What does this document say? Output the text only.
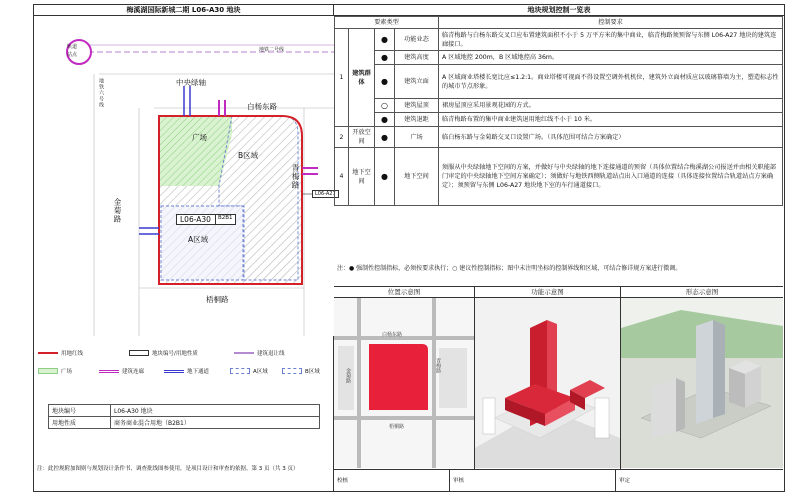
梅溪湖国际新城二期 L06-A30 地块
轨道
站点
地铁二号线
中央绿轴
地铁六号线	白杨东路
青梅路
金菊路
梧桐路
广场
B区域
A区域
L06-A30	B2B1
L06-A27
用地红线	地块编号/用地性质	建筑退让线
广场	建筑连廊	地下通道	A区域	B区域
地块编号	L06-A30 地块
用地性质	商务商业混合用地（B2B1）
注：此控规附加图则与规划设计条件书、调查批线图参使用，是项目设计和审查的依据。第 3 页（共 3 页）
地块规划控制一览表
要素类型				控制要求
1	建筑群体	●	功能业态	临青梅路与白杨东路交叉口应布置建筑面积不小于 5 万平方米的集中商业，临青梅路须预留与东侧 L06-A27 地块的建筑连廊接口。
		●	建筑高度	A 区域地控 200m，B 区域地控高 36m。
		●	建筑立面	A 区域商业塔楼长宽比应≤1.2:1。商业塔楼可视面不得设置空调外机机位，建筑外立面材质应以玻璃幕墙为主，塑造标志性的城市节点形象。
		○	建筑屋顶	裙房屋顶应采用景观花园的方式。
		●	建筑退距	临青梅路布置的集中商业建筑退用地红线不小于 10 米。
2	开放空间	●	广场	临白杨东路与金菊路交叉口设置广场。（具体范围可结合方案确定）
4	地下空间	●	地下空间	须服从中央绿轴地下空间的方案，并做好与中央绿轴的地下连接通道的预留（具体位置结合梅溪湖公司报送并由相关职能部门审定的中央绿轴地下空间方案确定）；须做好与地铁西侧轨道站点出入口通道的连接（具体连接位置结合轨道站点方案确定）；须预留与东侧 L06-A27 地块地下室的车行通道接口。
注：● 强制性控制指标，必须按要求执行；○ 建议性控制指标；图中未注明坐标的控制界线和区域，可结合修详规方案进行微调。
位置示意图
白杨东路
金菊路
青梅路
梧桐路
功能示意图	形态示意图
校核	审核	审定
